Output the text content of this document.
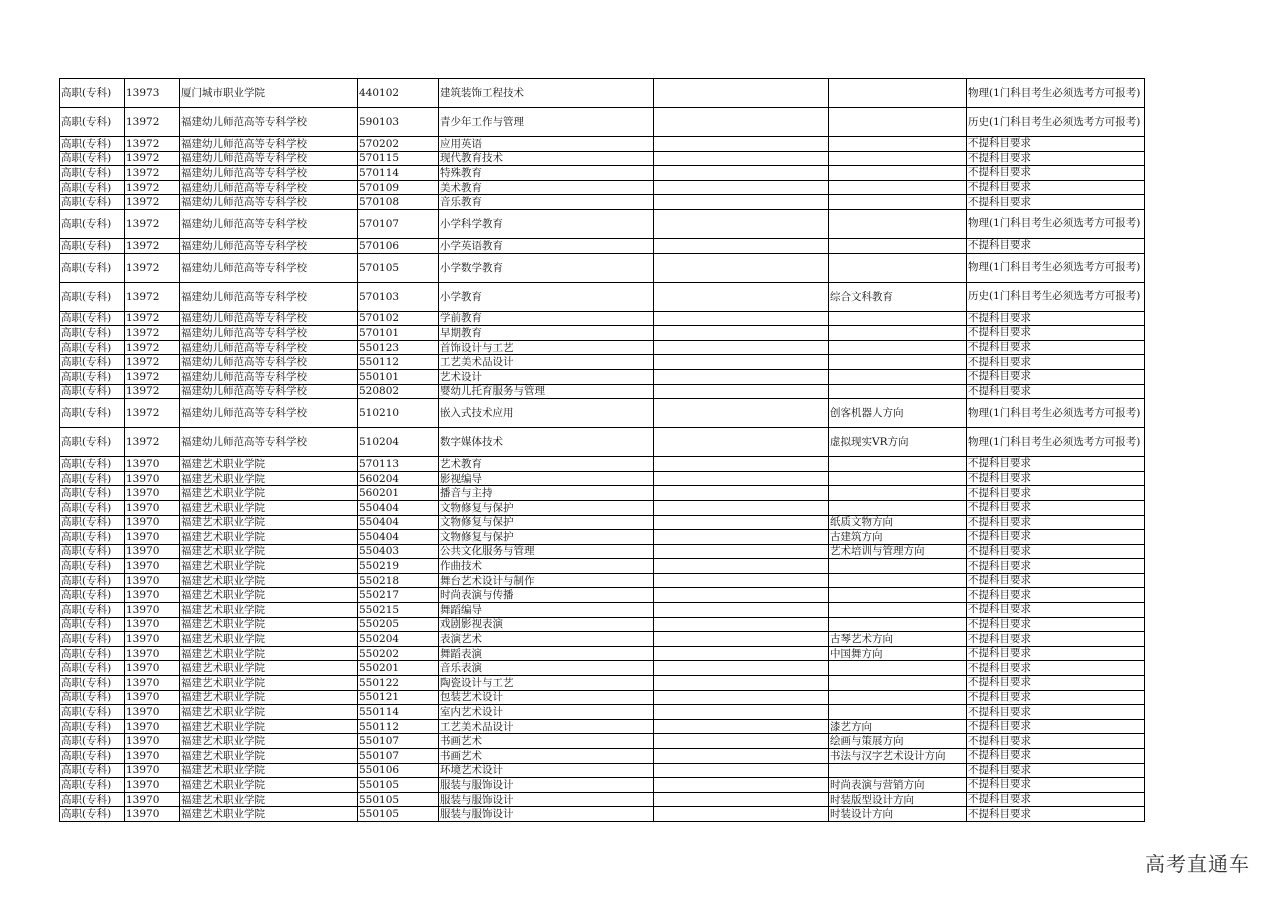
高职(专科)	13973	厦门城市职业学院	440102	建筑装饰工程技术			物理(1门科目考生必须选考方可报考)
高职(专科)	13972	福建幼儿师范高等专科学校	590103	青少年工作与管理			历史(1门科目考生必须选考方可报考)
高职(专科)	13972	福建幼儿师范高等专科学校	570202	应用英语			不提科目要求
高职(专科)	13972	福建幼儿师范高等专科学校	570115	现代教育技术			不提科目要求
高职(专科)	13972	福建幼儿师范高等专科学校	570114	特殊教育			不提科目要求
高职(专科)	13972	福建幼儿师范高等专科学校	570109	美术教育			不提科目要求
高职(专科)	13972	福建幼儿师范高等专科学校	570108	音乐教育			不提科目要求
高职(专科)	13972	福建幼儿师范高等专科学校	570107	小学科学教育			物理(1门科目考生必须选考方可报考)
高职(专科)	13972	福建幼儿师范高等专科学校	570106	小学英语教育			不提科目要求
高职(专科)	13972	福建幼儿师范高等专科学校	570105	小学数学教育			物理(1门科目考生必须选考方可报考)
高职(专科)	13972	福建幼儿师范高等专科学校	570103	小学教育		综合文科教育	历史(1门科目考生必须选考方可报考)
高职(专科)	13972	福建幼儿师范高等专科学校	570102	学前教育			不提科目要求
高职(专科)	13972	福建幼儿师范高等专科学校	570101	早期教育			不提科目要求
高职(专科)	13972	福建幼儿师范高等专科学校	550123	首饰设计与工艺			不提科目要求
高职(专科)	13972	福建幼儿师范高等专科学校	550112	工艺美术品设计			不提科目要求
高职(专科)	13972	福建幼儿师范高等专科学校	550101	艺术设计			不提科目要求
高职(专科)	13972	福建幼儿师范高等专科学校	520802	婴幼儿托育服务与管理			不提科目要求
高职(专科)	13972	福建幼儿师范高等专科学校	510210	嵌入式技术应用		创客机器人方向	物理(1门科目考生必须选考方可报考)
高职(专科)	13972	福建幼儿师范高等专科学校	510204	数字媒体技术		虚拟现实VR方向	物理(1门科目考生必须选考方可报考)
高职(专科)	13970	福建艺术职业学院	570113	艺术教育			不提科目要求
高职(专科)	13970	福建艺术职业学院	560204	影视编导			不提科目要求
高职(专科)	13970	福建艺术职业学院	560201	播音与主持			不提科目要求
高职(专科)	13970	福建艺术职业学院	550404	文物修复与保护			不提科目要求
高职(专科)	13970	福建艺术职业学院	550404	文物修复与保护		纸质文物方向	不提科目要求
高职(专科)	13970	福建艺术职业学院	550404	文物修复与保护		古建筑方向	不提科目要求
高职(专科)	13970	福建艺术职业学院	550403	公共文化服务与管理		艺术培训与管理方向	不提科目要求
高职(专科)	13970	福建艺术职业学院	550219	作曲技术			不提科目要求
高职(专科)	13970	福建艺术职业学院	550218	舞台艺术设计与制作			不提科目要求
高职(专科)	13970	福建艺术职业学院	550217	时尚表演与传播			不提科目要求
高职(专科)	13970	福建艺术职业学院	550215	舞蹈编导			不提科目要求
高职(专科)	13970	福建艺术职业学院	550205	戏剧影视表演			不提科目要求
高职(专科)	13970	福建艺术职业学院	550204	表演艺术		古琴艺术方向	不提科目要求
高职(专科)	13970	福建艺术职业学院	550202	舞蹈表演		中国舞方向	不提科目要求
高职(专科)	13970	福建艺术职业学院	550201	音乐表演			不提科目要求
高职(专科)	13970	福建艺术职业学院	550122	陶瓷设计与工艺			不提科目要求
高职(专科)	13970	福建艺术职业学院	550121	包装艺术设计			不提科目要求
高职(专科)	13970	福建艺术职业学院	550114	室内艺术设计			不提科目要求
高职(专科)	13970	福建艺术职业学院	550112	工艺美术品设计		漆艺方向	不提科目要求
高职(专科)	13970	福建艺术职业学院	550107	书画艺术		绘画与策展方向	不提科目要求
高职(专科)	13970	福建艺术职业学院	550107	书画艺术		书法与汉字艺术设计方向	不提科目要求
高职(专科)	13970	福建艺术职业学院	550106	环境艺术设计			不提科目要求
高职(专科)	13970	福建艺术职业学院	550105	服装与服饰设计		时尚表演与营销方向	不提科目要求
高职(专科)	13970	福建艺术职业学院	550105	服装与服饰设计		时装版型设计方向	不提科目要求
高职(专科)	13970	福建艺术职业学院	550105	服装与服饰设计		时装设计方向	不提科目要求
高考直通车
